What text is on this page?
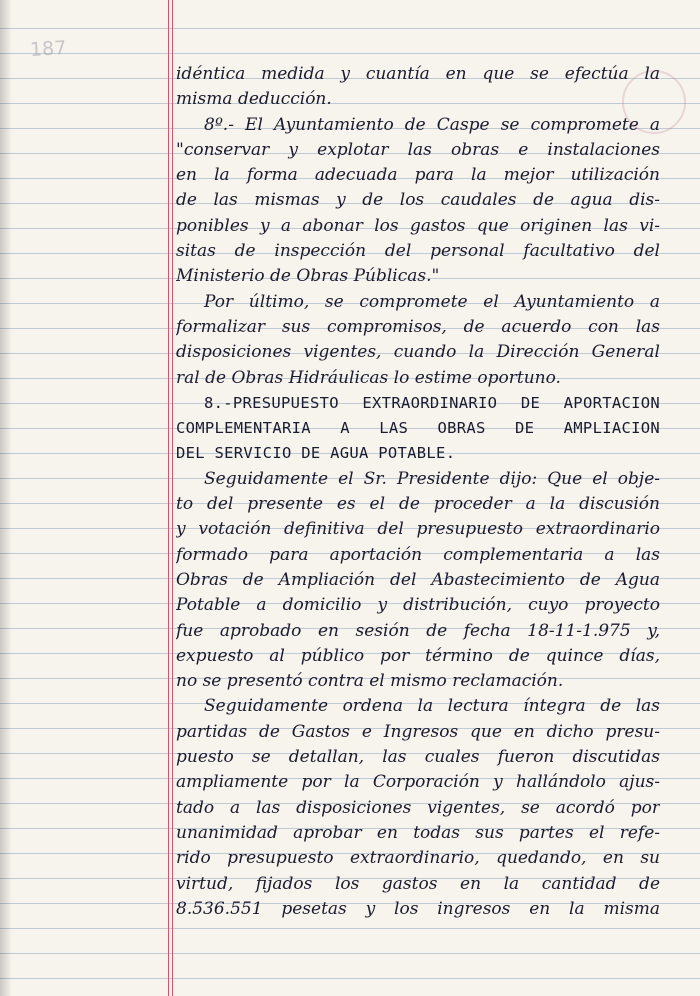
187
idéntica medida y cuantía en que se efectúa la
misma deducción.
8º.- El Ayuntamiento de Caspe se compromete a
"conservar y explotar las obras e instalaciones
en la forma adecuada para la mejor utilización
de las mismas y de los caudales de agua dis-
ponibles y a abonar los gastos que originen las vi-
sitas de inspección del personal facultativo del
Ministerio de Obras Públicas."
Por último, se compromete el Ayuntamiento a
formalizar sus compromisos, de acuerdo con las
disposiciones vigentes, cuando la Dirección General
ral de Obras Hidráulicas lo estime oportuno.
8.-PRESUPUESTO EXTRAORDINARIO DE APORTACION
COMPLEMENTARIA A LAS OBRAS DE AMPLIACION
DEL SERVICIO DE AGUA POTABLE.
Seguidamente el Sr. Presidente dijo: Que el obje-
to del presente es el de proceder a la discusión
y votación definitiva del presupuesto extraordinario
formado para aportación complementaria a las
Obras de Ampliación del Abastecimiento de Agua
Potable a domicilio y distribución, cuyo proyecto
fue aprobado en sesión de fecha 18-11-1.975 y,
expuesto al público por término de quince días,
no se presentó contra el mismo reclamación.
Seguidamente ordena la lectura íntegra de las
partidas de Gastos e Ingresos que en dicho presu-
puesto se detallan, las cuales fueron discutidas
ampliamente por la Corporación y hallándolo ajus-
tado a las disposiciones vigentes, se acordó por
unanimidad aprobar en todas sus partes el refe-
rido presupuesto extraordinario, quedando, en su
virtud, fijados los gastos en la cantidad de
8.536.551 pesetas y los ingresos en la misma
